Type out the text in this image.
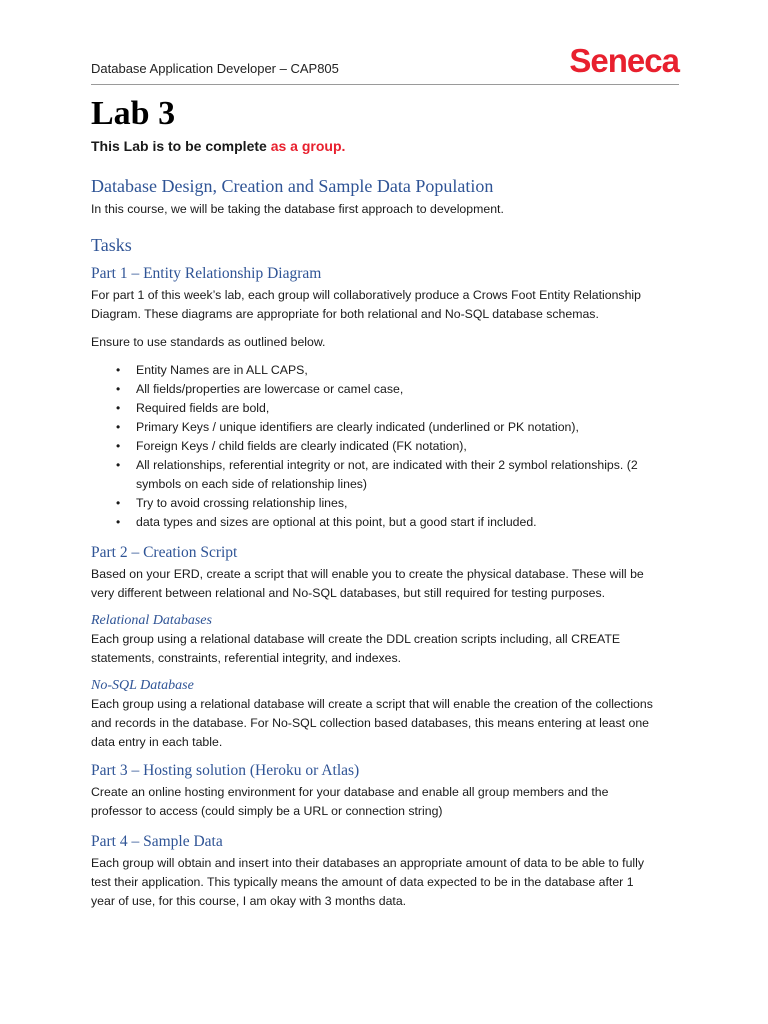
Database Application Developer – CAP805	Seneca
Lab 3
This Lab is to be complete as a group.
Database Design, Creation and Sample Data Population

In this course, we will be taking the database first approach to development.

Tasks
Part 1 – Entity Relationship Diagram

For part 1 of this week’s lab, each group will collaboratively produce a Crows Foot Entity Relationship

Diagram. These diagrams are appropriate for both relational and No-SQL database schemas.

Ensure to use standards as outlined below.

• Entity Names are in ALL CAPS,
• All fields/properties are lowercase or camel case,
• Required fields are bold,
• Primary Keys / unique identifiers are clearly indicated (underlined or PK notation),
• Foreign Keys / child fields are clearly indicated (FK notation),
• All relationships, referential integrity or not, are indicated with their 2 symbol relationships. (2
symbols on each side of relationship lines)
• Try to avoid crossing relationship lines,
• data types and sizes are optional at this point, but a good start if included.
Part 2 – Creation Script

Based on your ERD, create a script that will enable you to create the physical database. These will be

very different between relational and No-SQL databases, but still required for testing purposes.

Relational Databases

Each group using a relational database will create the DDL creation scripts including, all CREATE

statements, constraints, referential integrity, and indexes.

No-SQL Database

Each group using a relational database will create a script that will enable the creation of the collections

and records in the database. For No-SQL collection based databases, this means entering at least one

data entry in each table.

Part 3 – Hosting solution (Heroku or Atlas)

Create an online hosting environment for your database and enable all group members and the

professor to access (could simply be a URL or connection string)

Part 4 – Sample Data

Each group will obtain and insert into their databases an appropriate amount of data to be able to fully

test their application. This typically means the amount of data expected to be in the database after 1

year of use, for this course, I am okay with 3 months data.
